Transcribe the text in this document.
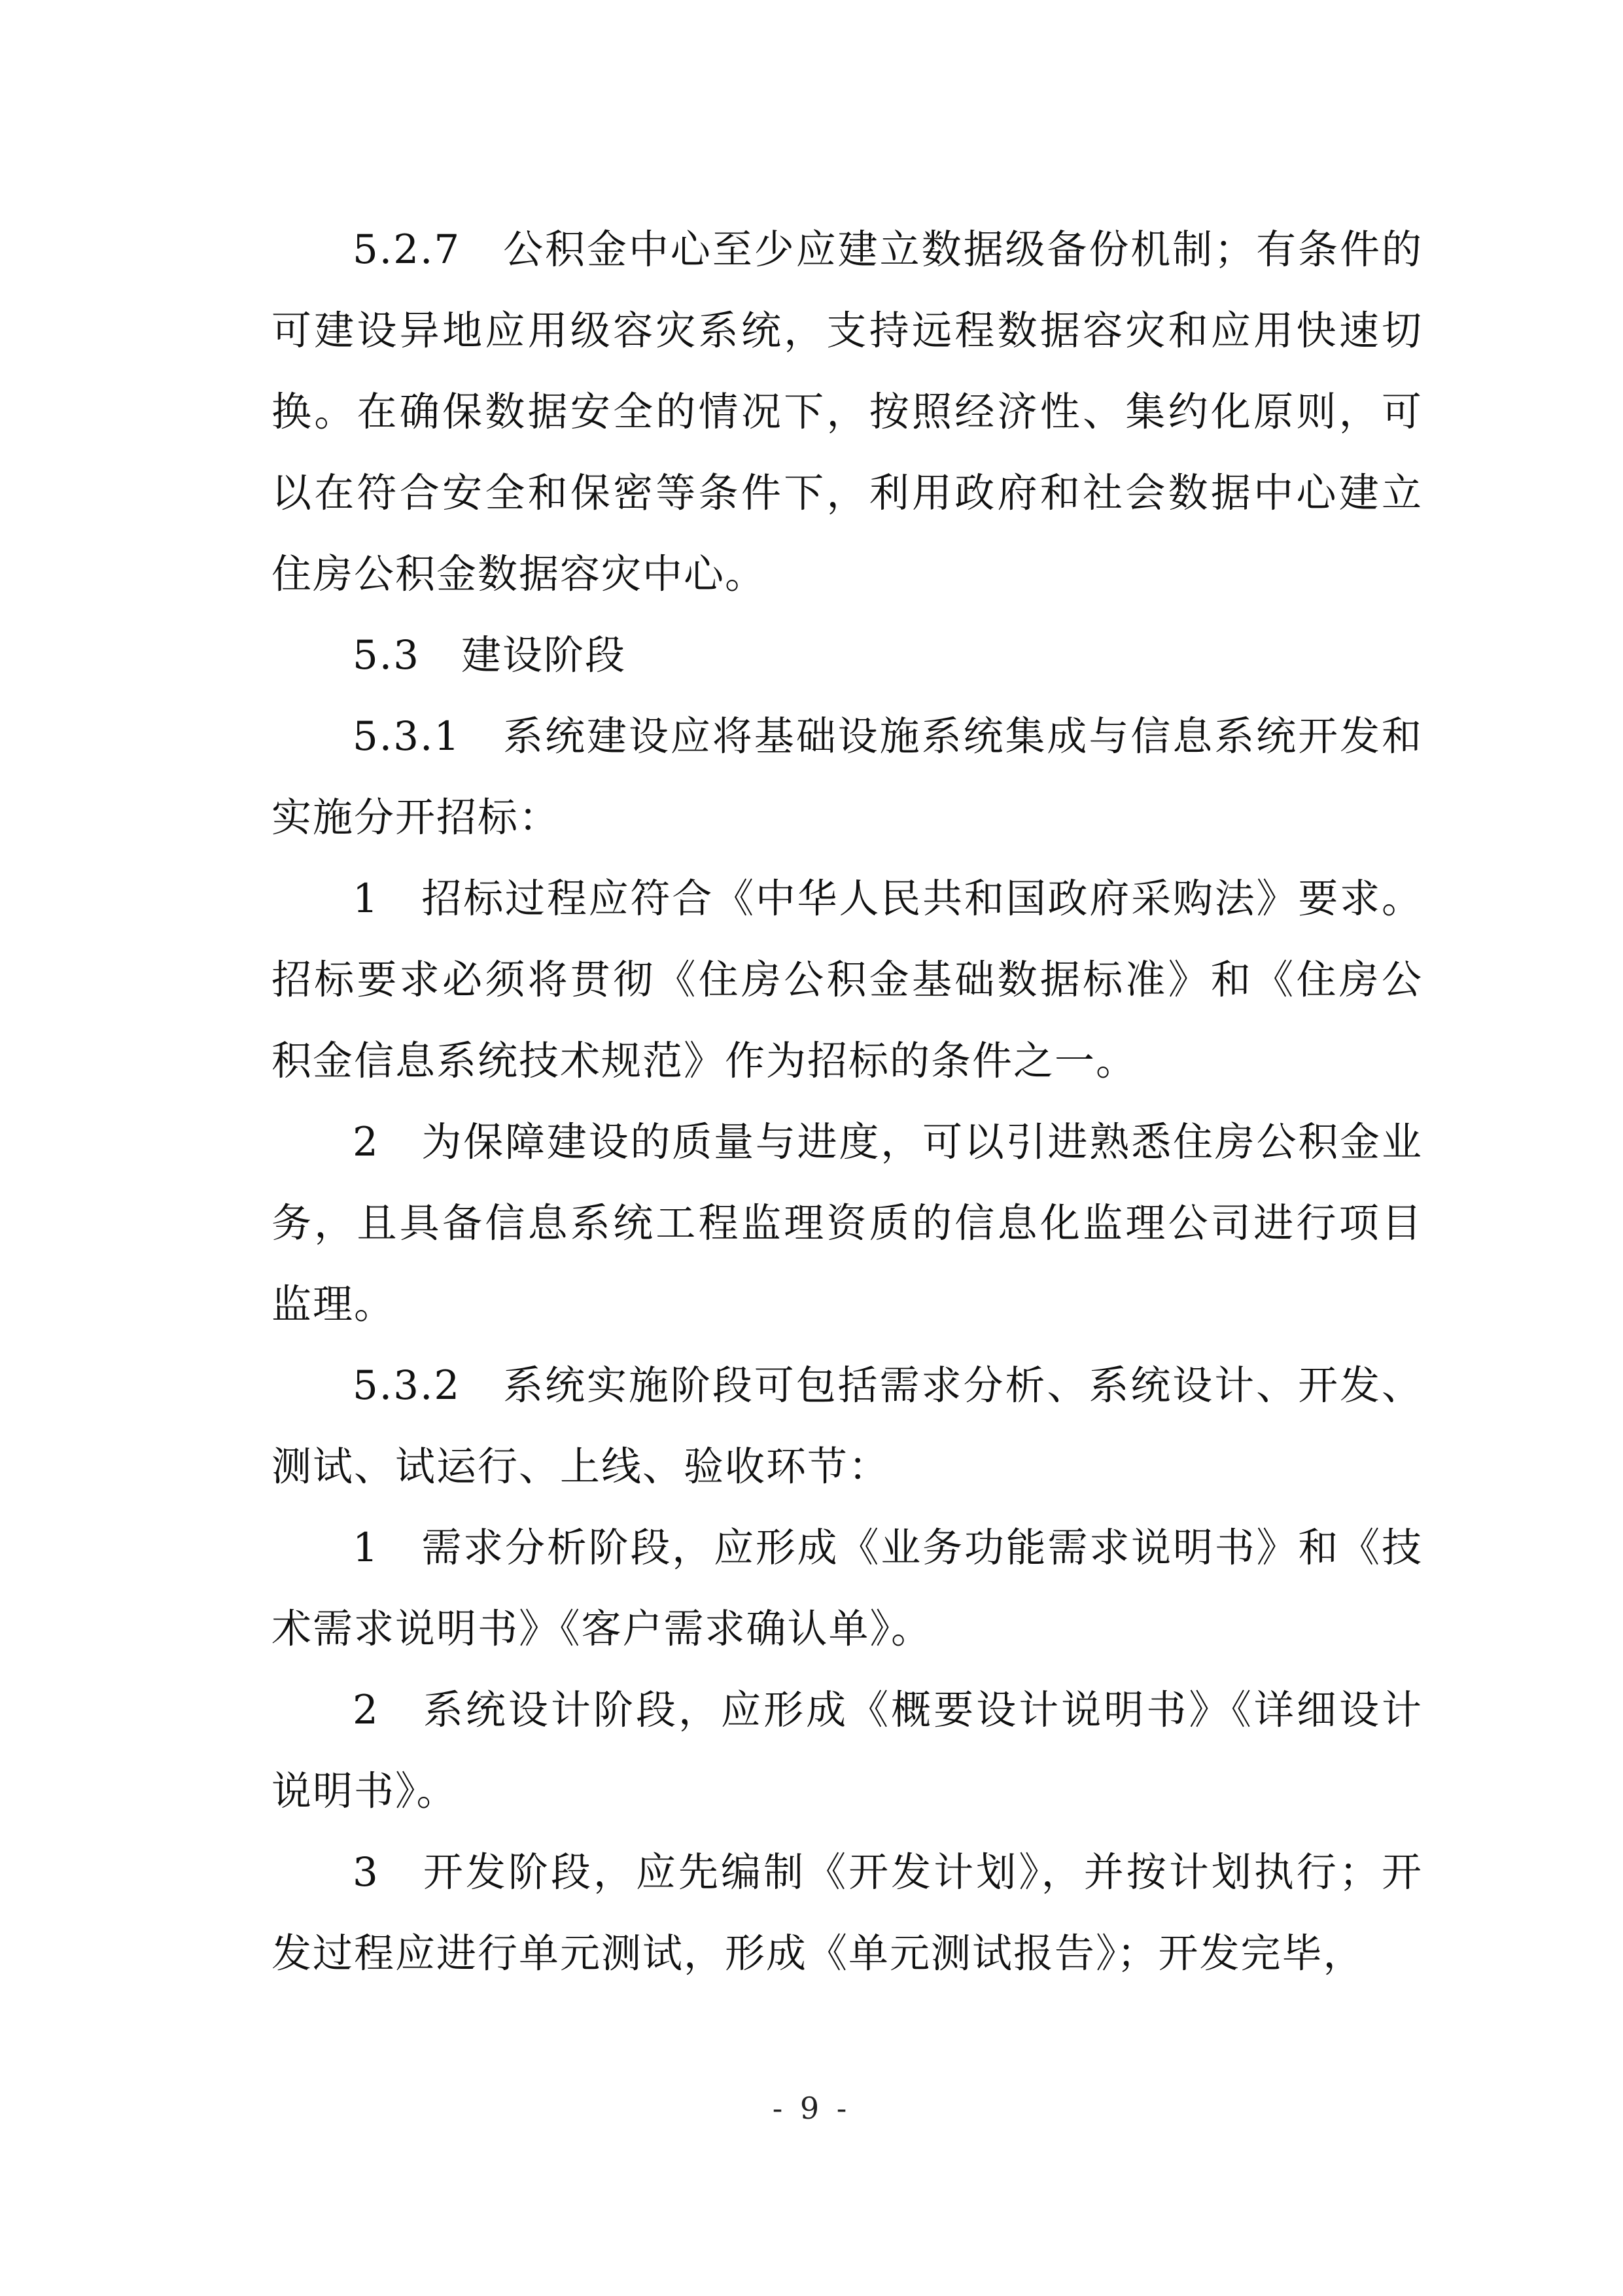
5.2.7　公积金中心至少应建立数据级备份机制；有条件的可建设异地应用级容灾系统，支持远程数据容灾和应用快速切换。在确保数据安全的情况下，按照经济性、集约化原则，可以在符合安全和保密等条件下，利用政府和社会数据中心建立住房公积金数据容灾中心。

5.3　建设阶段

5.3.1　系统建设应将基础设施系统集成与信息系统开发和实施分开招标：

1　招标过程应符合《中华人民共和国政府采购法》要求。招标要求必须将贯彻《住房公积金基础数据标准》和《住房公积金信息系统技术规范》作为招标的条件之一。

2　为保障建设的质量与进度，可以引进熟悉住房公积金业务，且具备信息系统工程监理资质的信息化监理公司进行项目监理。

5.3.2　系统实施阶段可包括需求分析、系统设计、开发、测试、试运行、上线、验收环节：

1　需求分析阶段，应形成《业务功能需求说明书》和《技术需求说明书》《客户需求确认单》。

2　系统设计阶段，应形成《概要设计说明书》《详细设计说明书》。

3　开发阶段，应先编制《开发计划》，并按计划执行；开发过程应进行单元测试，形成《单元测试报告》；开发完毕，

- 9 -
